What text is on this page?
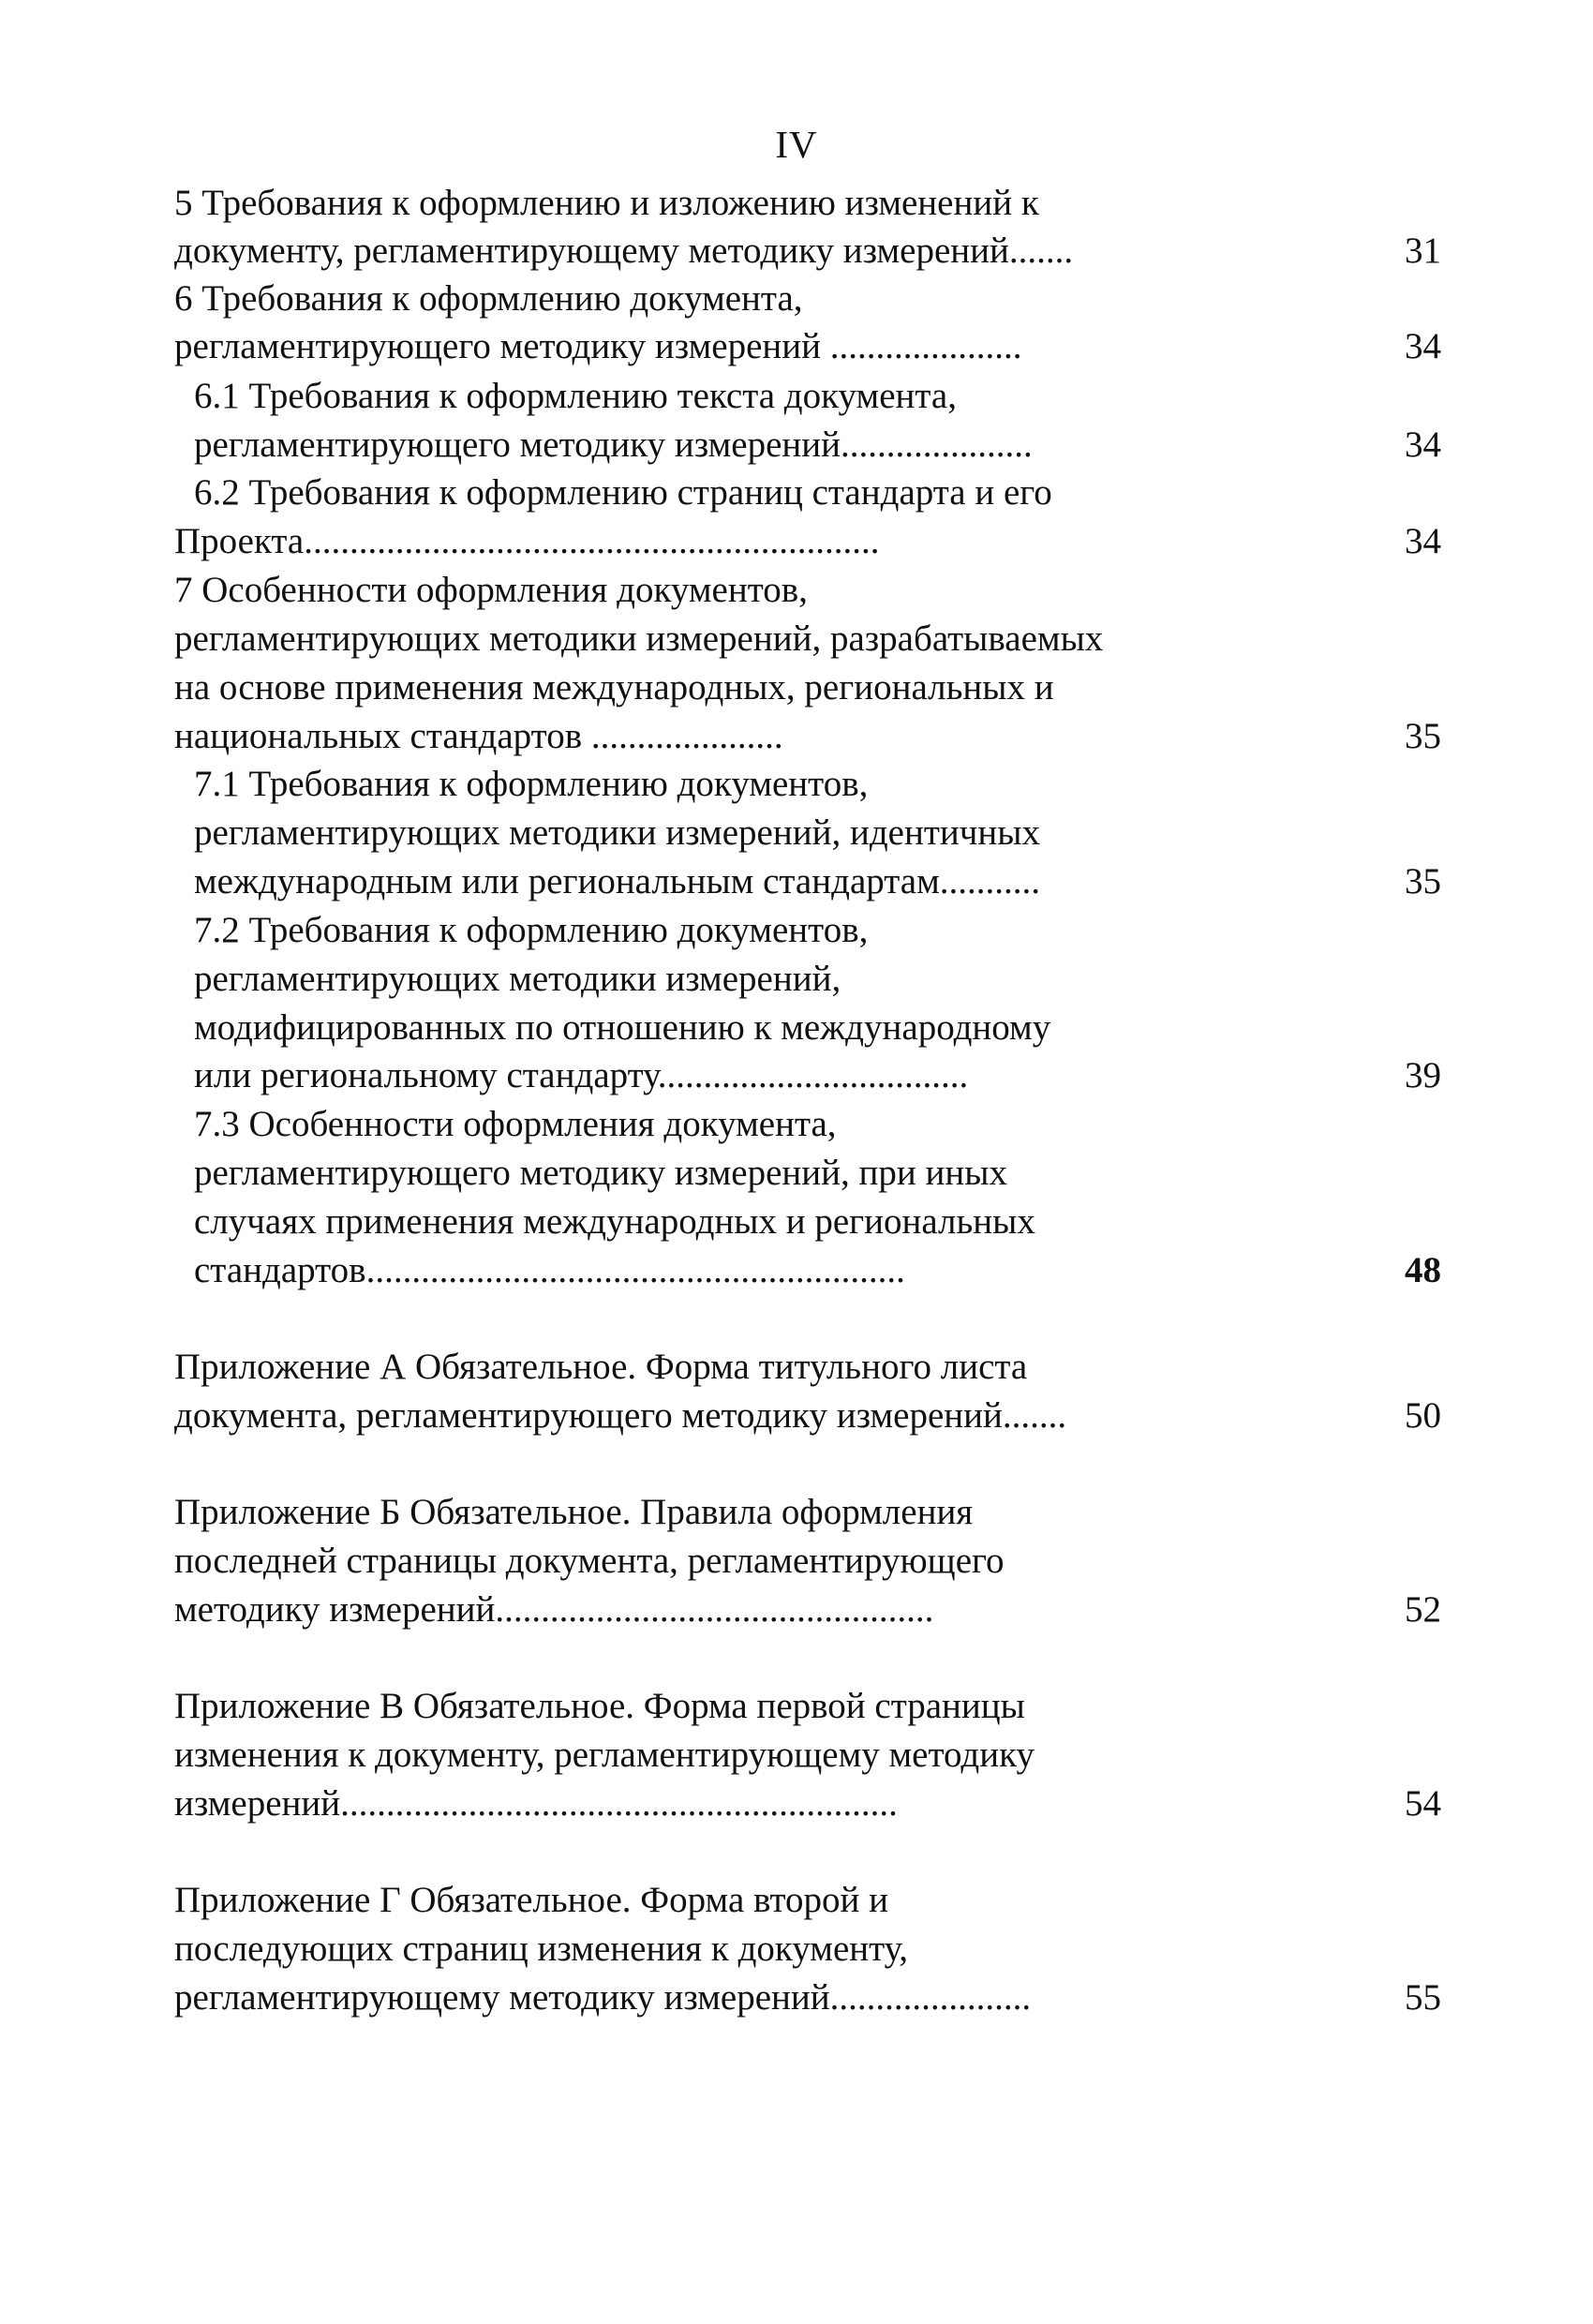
IV
5 Требования к оформлению и изложению изменений к
документу, регламентирующему методику измерений.......	31
6 Требования к оформлению документа,
регламентирующего методику измерений .....................	34
6.1 Требования к оформлению текста документа,
регламентирующего методику измерений.....................	34
6.2 Требования к оформлению страниц стандарта и его
Проекта...............................................................	34
7 Особенности оформления документов,
регламентирующих методики измерений, разрабатываемых
на основе применения международных, региональных и
национальных стандартов .....................	35
7.1 Требования к оформлению документов,
регламентирующих методики измерений, идентичных
международным или региональным стандартам...........	35
7.2 Требования к оформлению документов,
регламентирующих методики измерений,
модифицированных по отношению к международному
или региональному стандарту..................................	39
7.3 Особенности оформления документа,
регламентирующего методику измерений, при иных
случаях применения международных и региональных
стандартов...........................................................	48
Приложение А Обязательное. Форма титульного листа
документа, регламентирующего методику измерений.......	50
Приложение Б Обязательное. Правила оформления
последней страницы документа, регламентирующего
методику измерений................................................	52
Приложение В Обязательное. Форма первой страницы
изменения к документу, регламентирующему методику
измерений.............................................................	54
Приложение Г Обязательное. Форма второй и
последующих страниц изменения к документу,
регламентирующему методику измерений......................	55
